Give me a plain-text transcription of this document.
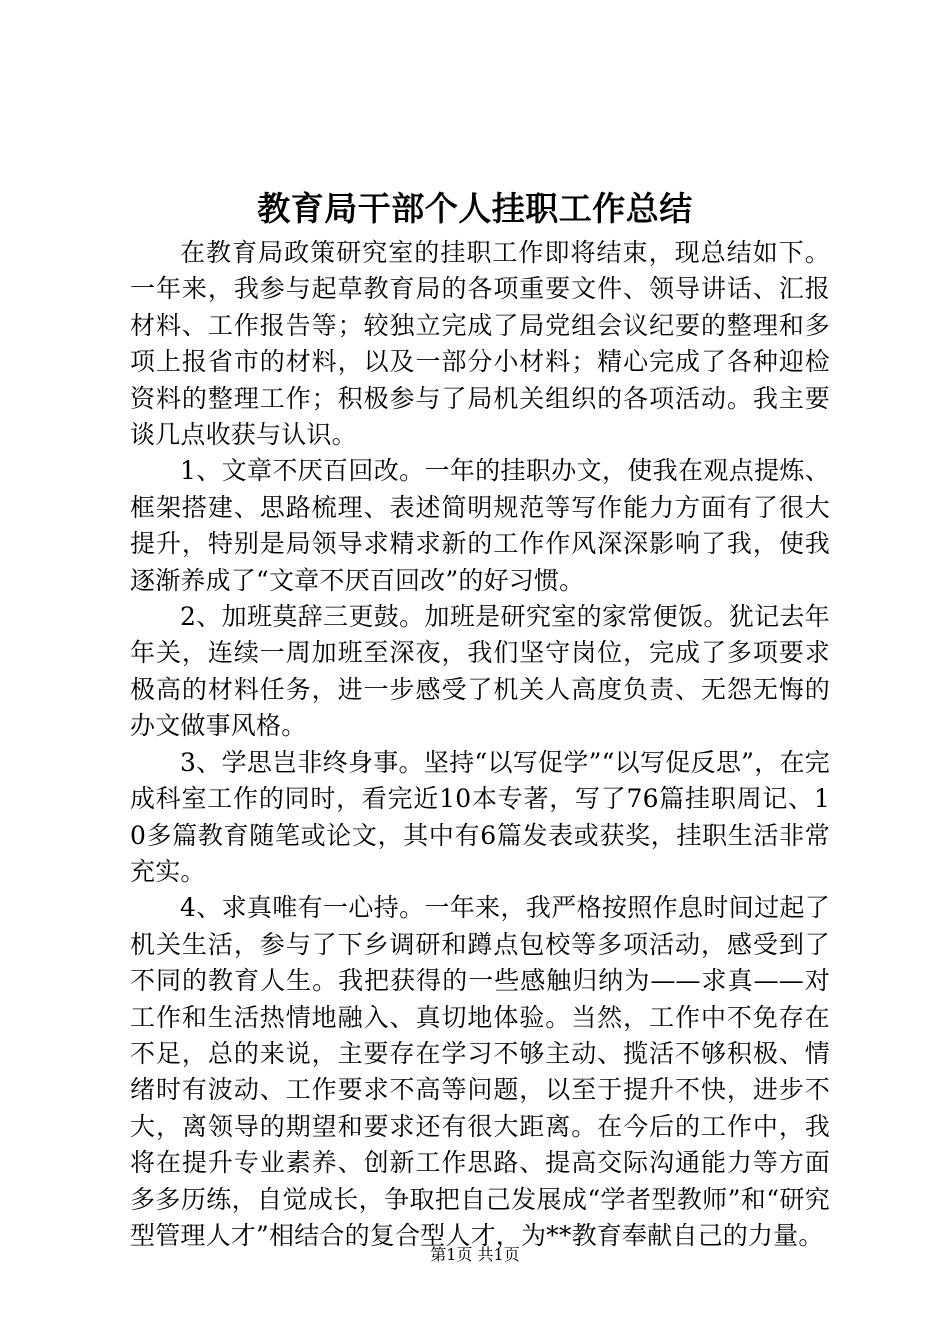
教育局干部个人挂职工作总结

在教育局政策研究室的挂职工作即将结束，现总结如下。一年来，我参与起草教育局的各项重要文件、领导讲话、汇报材料、工作报告等；较独立完成了局党组会议纪要的整理和多项上报省市的材料，以及一部分小材料；精心完成了各种迎检资料的整理工作；积极参与了局机关组织的各项活动。我主要谈几点收获与认识。

1、文章不厌百回改。一年的挂职办文，使我在观点提炼、框架搭建、思路梳理、表述简明规范等写作能力方面有了很大提升，特别是局领导求精求新的工作作风深深影响了我，使我逐渐养成了“文章不厌百回改”的好习惯。

2、加班莫辞三更鼓。加班是研究室的家常便饭。犹记去年年关，连续一周加班至深夜，我们坚守岗位，完成了多项要求极高的材料任务，进一步感受了机关人高度负责、无怨无悔的办文做事风格。

3、学思岂非终身事。坚持“以写促学”“以写促反思”，在完成科室工作的同时，看完近10本专著，写了76篇挂职周记、10多篇教育随笔或论文，其中有6篇发表或获奖，挂职生活非常充实。

4、求真唯有一心持。一年来，我严格按照作息时间过起了机关生活，参与了下乡调研和蹲点包校等多项活动，感受到了不同的教育人生。我把获得的一些感触归纳为——求真——对工作和生活热情地融入、真切地体验。当然，工作中不免存在不足，总的来说，主要存在学习不够主动、揽活不够积极、情绪时有波动、工作要求不高等问题，以至于提升不快，进步不大，离领导的期望和要求还有很大距离。在今后的工作中，我将在提升专业素养、创新工作思路、提高交际沟通能力等方面多多历练，自觉成长，争取把自己发展成“学者型教师”和“研究型管理人才”相结合的复合型人才，为**教育奉献自己的力量。

第1页 共1页
